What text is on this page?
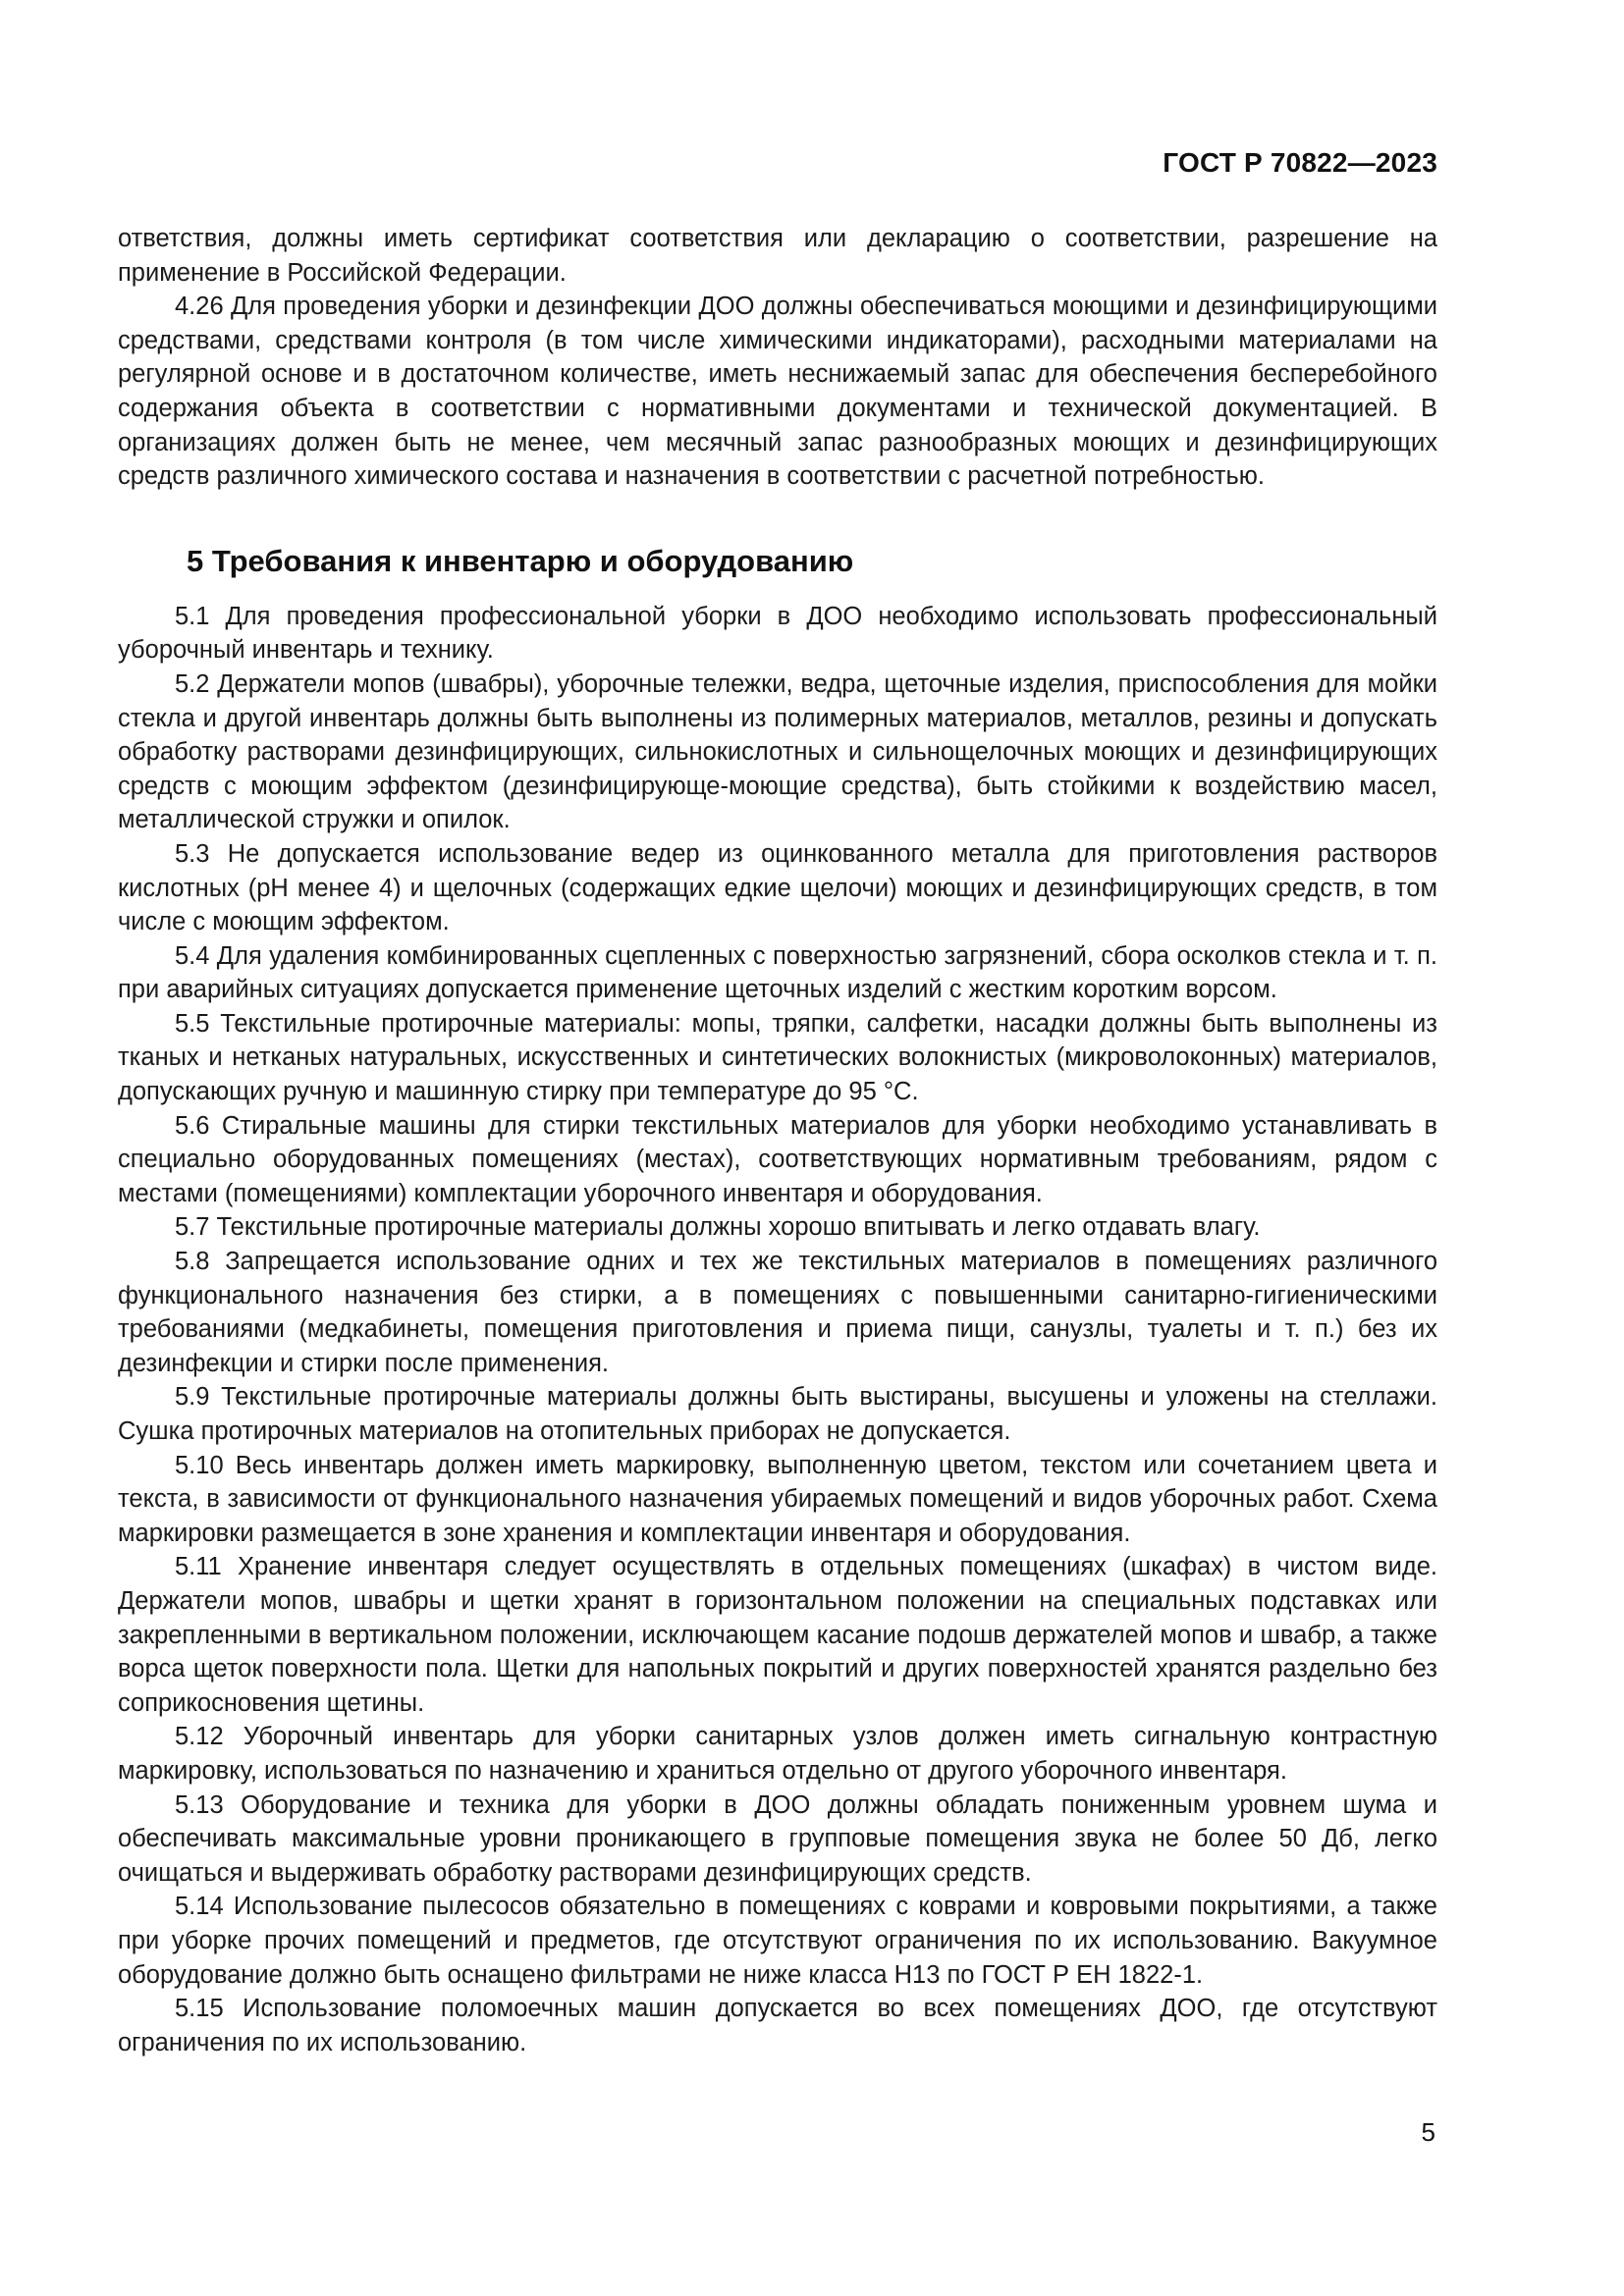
ГОСТ Р 70822—2023

ответствия, должны иметь сертификат соответствия или декларацию о соответствии, разрешение на применение в Российской Федерации.

4.26 Для проведения уборки и дезинфекции ДОО должны обеспечиваться моющими и дезинфицирующими средствами, средствами контроля (в том числе химическими индикаторами), расходными материалами на регулярной основе и в достаточном количестве, иметь неснижаемый запас для обеспечения бесперебойного содержания объекта в соответствии с нормативными документами и технической документацией. В организациях должен быть не менее, чем месячный запас разнообразных моющих и дезинфицирующих средств различного химического состава и назначения в соответствии с расчетной потребностью.

5 Требования к инвентарю и оборудованию

5.1 Для проведения профессиональной уборки в ДОО необходимо использовать профессиональный уборочный инвентарь и технику.

5.2 Держатели мопов (швабры), уборочные тележки, ведра, щеточные изделия, приспособления для мойки стекла и другой инвентарь должны быть выполнены из полимерных материалов, металлов, резины и допускать обработку растворами дезинфицирующих, сильнокислотных и сильнощелочных моющих и дезинфицирующих средств с моющим эффектом (дезинфицирующе-моющие средства), быть стойкими к воздействию масел, металлической стружки и опилок.

5.3 Не допускается использование ведер из оцинкованного металла для приготовления растворов кислотных (pH менее 4) и щелочных (содержащих едкие щелочи) моющих и дезинфицирующих средств, в том числе с моющим эффектом.

5.4 Для удаления комбинированных сцепленных с поверхностью загрязнений, сбора осколков стекла и т. п. при аварийных ситуациях допускается применение щеточных изделий с жестким коротким ворсом.

5.5 Текстильные протирочные материалы: мопы, тряпки, салфетки, насадки должны быть выполнены из тканых и нетканых натуральных, искусственных и синтетических волокнистых (микроволоконных) материалов, допускающих ручную и машинную стирку при температуре до 95 °C.

5.6 Стиральные машины для стирки текстильных материалов для уборки необходимо устанавливать в специально оборудованных помещениях (местах), соответствующих нормативным требованиям, рядом с местами (помещениями) комплектации уборочного инвентаря и оборудования.

5.7 Текстильные протирочные материалы должны хорошо впитывать и легко отдавать влагу.

5.8 Запрещается использование одних и тех же текстильных материалов в помещениях различного функционального назначения без стирки, а в помещениях с повышенными санитарно-гигиеническими требованиями (медкабинеты, помещения приготовления и приема пищи, санузлы, туалеты и т. п.) без их дезинфекции и стирки после применения.

5.9 Текстильные протирочные материалы должны быть выстираны, высушены и уложены на стеллажи. Сушка протирочных материалов на отопительных приборах не допускается.

5.10 Весь инвентарь должен иметь маркировку, выполненную цветом, текстом или сочетанием цвета и текста, в зависимости от функционального назначения убираемых помещений и видов уборочных работ. Схема маркировки размещается в зоне хранения и комплектации инвентаря и оборудования.

5.11 Хранение инвентаря следует осуществлять в отдельных помещениях (шкафах) в чистом виде. Держатели мопов, швабры и щетки хранят в горизонтальном положении на специальных подставках или закрепленными в вертикальном положении, исключающем касание подошв держателей мопов и швабр, а также ворса щеток поверхности пола. Щетки для напольных покрытий и других поверхностей хранятся раздельно без соприкосновения щетины.

5.12 Уборочный инвентарь для уборки санитарных узлов должен иметь сигнальную контрастную маркировку, использоваться по назначению и храниться отдельно от другого уборочного инвентаря.

5.13 Оборудование и техника для уборки в ДОО должны обладать пониженным уровнем шума и обеспечивать максимальные уровни проникающего в групповые помещения звука не более 50 Дб, легко очищаться и выдерживать обработку растворами дезинфицирующих средств.

5.14 Использование пылесосов обязательно в помещениях с коврами и ковровыми покрытиями, а также при уборке прочих помещений и предметов, где отсутствуют ограничения по их использованию. Вакуумное оборудование должно быть оснащено фильтрами не ниже класса Н13 по ГОСТ Р ЕН 1822-1.

5.15 Использование поломоечных машин допускается во всех помещениях ДОО, где отсутствуют ограничения по их использованию.

5
